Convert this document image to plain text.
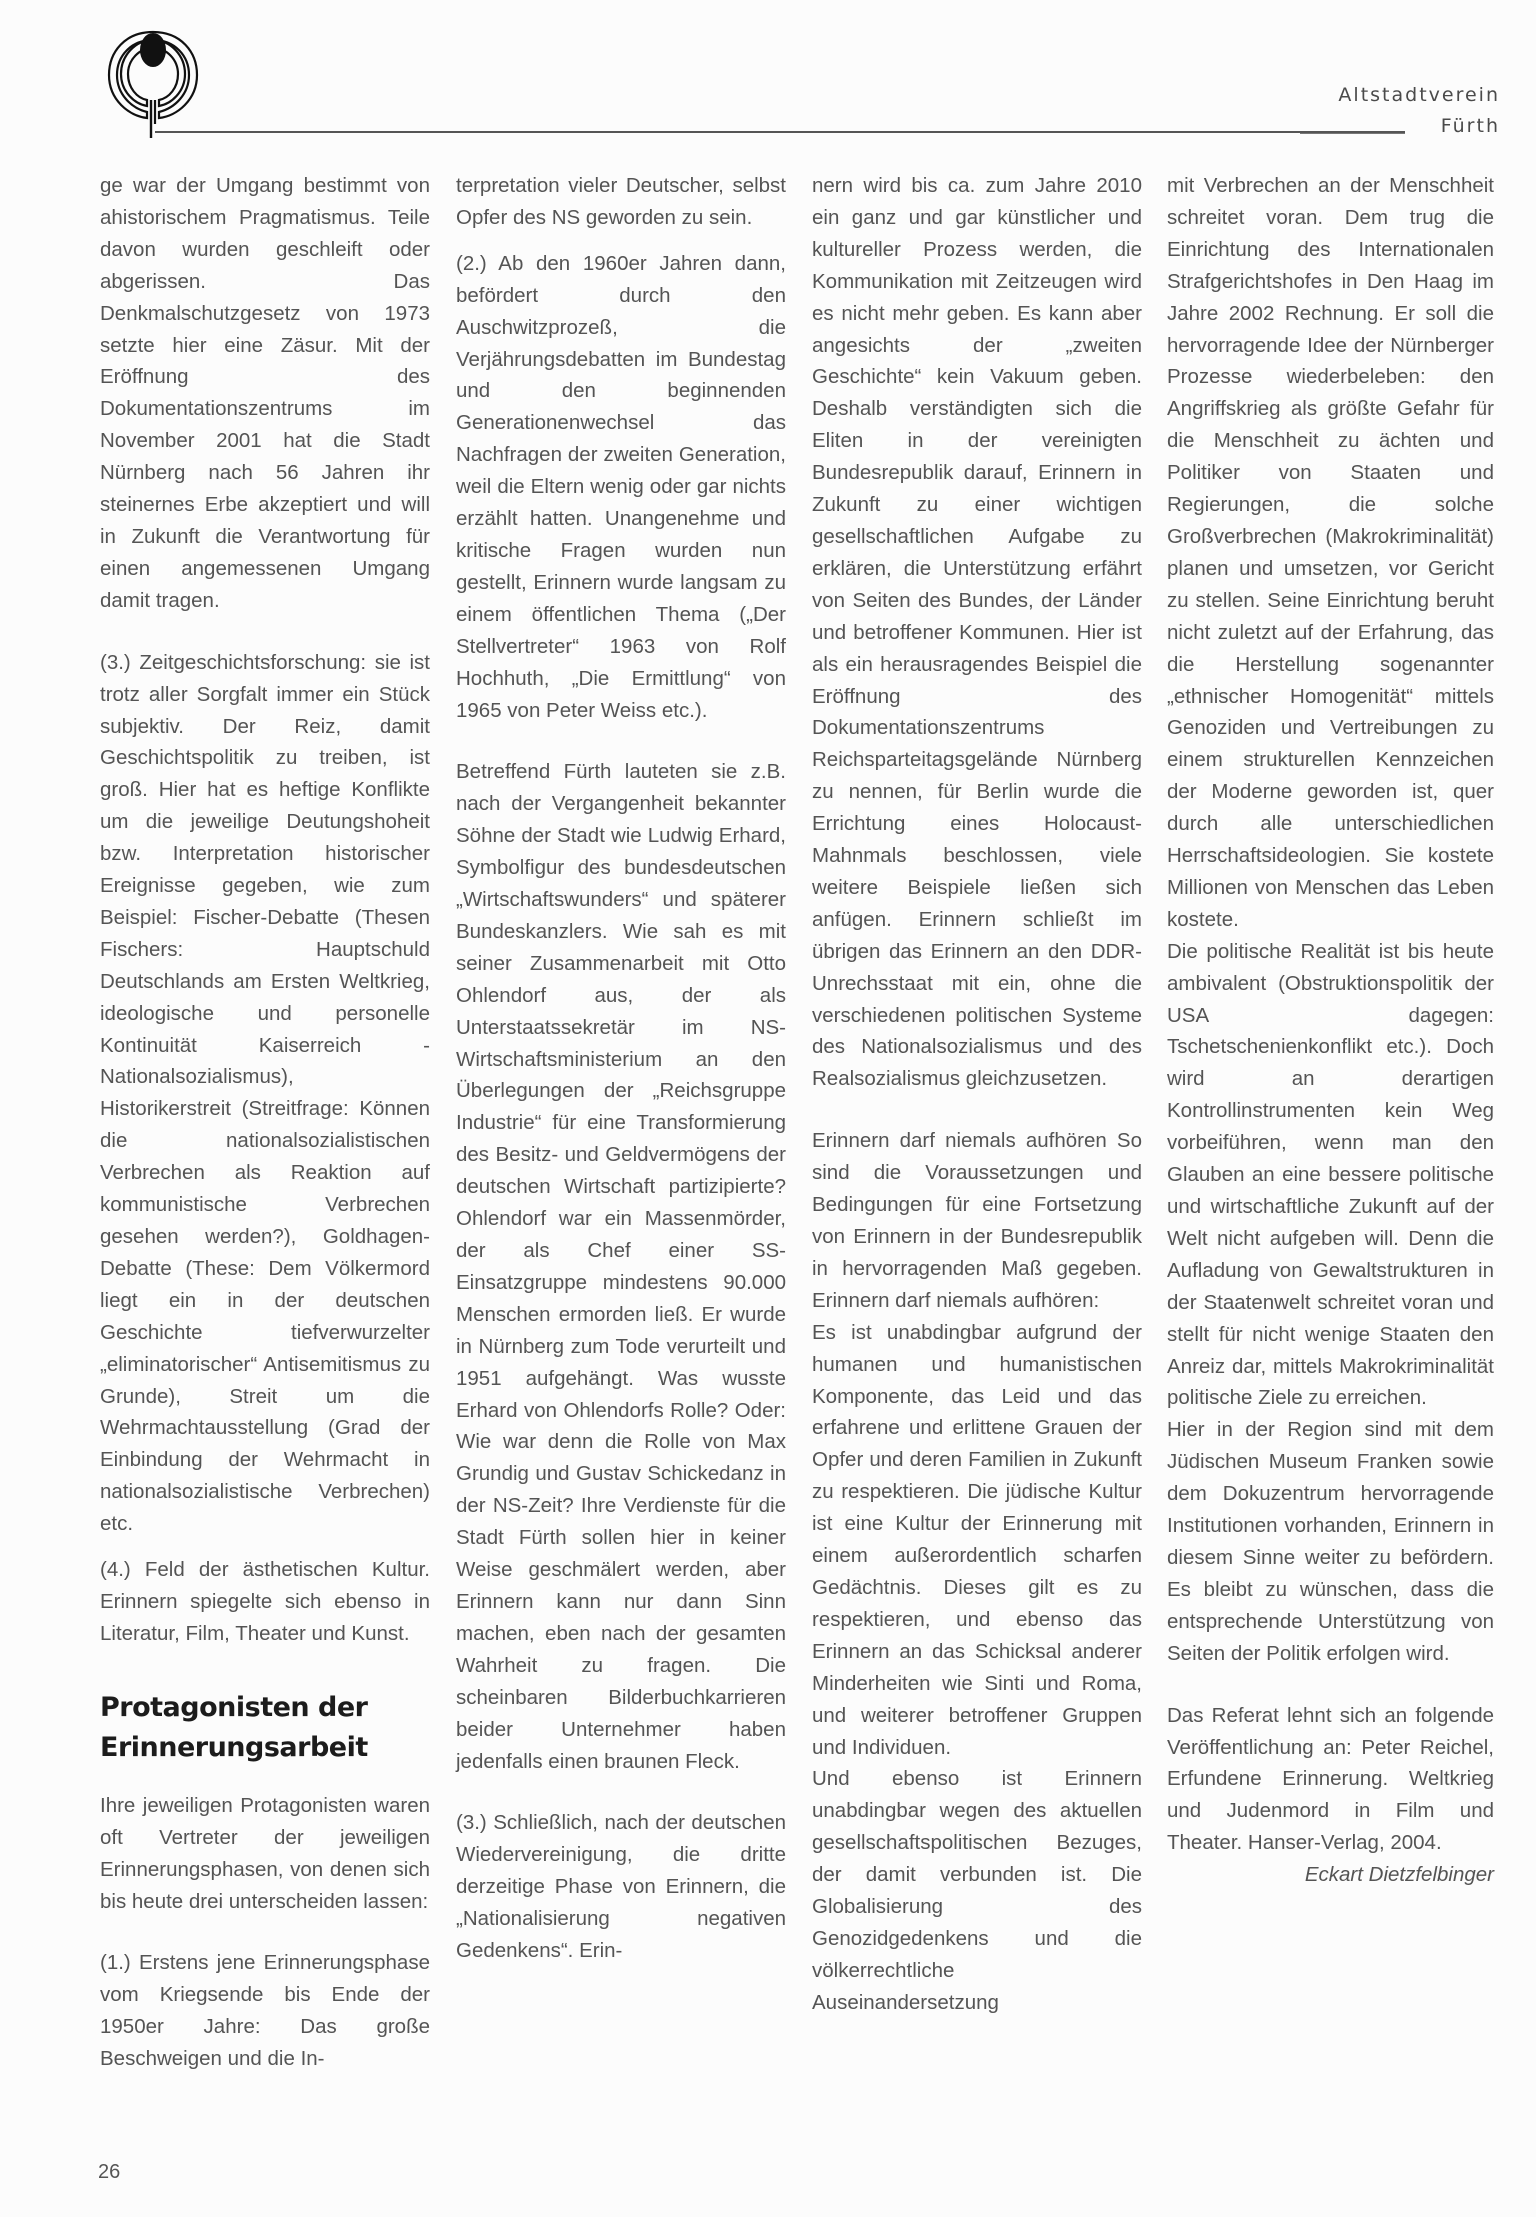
Altstadtverein
Fürth

ge war der Umgang bestimmt von ahistorischem Pragmatismus. Teile davon wurden geschleift oder abgerissen. Das Denkmalschutzgesetz von 1973 setzte hier eine Zäsur. Mit der Eröffnung des Dokumentationszentrums im November 2001 hat die Stadt Nürnberg nach 56 Jahren ihr steinernes Erbe akzeptiert und will in Zukunft die Verantwortung für einen angemessenen Umgang damit tragen.

(3.) Zeitgeschichtsforschung: sie ist trotz aller Sorgfalt immer ein Stück subjektiv. Der Reiz, damit Geschichtspolitik zu treiben, ist groß. Hier hat es heftige Konflikte um die jeweilige Deutungshoheit bzw. Interpretation historischer Ereignisse gegeben, wie zum Beispiel: Fischer-Debatte (Thesen Fischers: Hauptschuld Deutschlands am Ersten Weltkrieg, ideologische und personelle Kontinuität Kaiserreich - Nationalsozialismus), Historikerstreit (Streitfrage: Können die nationalsozialistischen Verbrechen als Reaktion auf kommunistische Verbrechen gesehen werden?), Goldhagen-Debatte (These: Dem Völkermord liegt ein in der deutschen Geschichte tiefverwurzelter „eliminatorischer“ Antisemitismus zu Grunde), Streit um die Wehrmachtausstellung (Grad der Einbindung der Wehrmacht in nationalsozialistische Verbrechen) etc.

(4.) Feld der ästhetischen Kultur. Erinnern spiegelte sich ebenso in Literatur, Film, Theater und Kunst.

Protagonisten der Erinnerungsarbeit

Ihre jeweiligen Protagonisten waren oft Vertreter der jeweiligen Erinnerungsphasen, von denen sich bis heute drei unterscheiden lassen:

(1.) Erstens jene Erinnerungsphase vom Kriegsende bis Ende der 1950er Jahre: Das große Beschweigen und die In-

terpretation vieler Deutscher, selbst Opfer des NS geworden zu sein.

(2.) Ab den 1960er Jahren dann, befördert durch den Auschwitzprozeß, die Verjährungsdebatten im Bundestag und den beginnenden Generationenwechsel das Nachfragen der zweiten Generation, weil die Eltern wenig oder gar nichts erzählt hatten. Unangenehme und kritische Fragen wurden nun gestellt, Erinnern wurde langsam zu einem öffentlichen Thema („Der Stellvertreter“ 1963 von Rolf Hochhuth, „Die Ermittlung“ von 1965 von Peter Weiss etc.).

Betreffend Fürth lauteten sie z.B. nach der Vergangenheit bekannter Söhne der Stadt wie Ludwig Erhard, Symbolfigur des bundesdeutschen „Wirtschaftswunders“ und späterer Bundeskanzlers. Wie sah es mit seiner Zusammenarbeit mit Otto Ohlendorf aus, der als Unterstaatssekretär im NS-Wirtschaftsministerium an den Überlegungen der „Reichsgruppe Industrie“ für eine Transformierung des Besitz- und Geldvermögens der deutschen Wirtschaft partizipierte? Ohlendorf war ein Massenmörder, der als Chef einer SS-Einsatzgruppe mindestens 90.000 Menschen ermorden ließ. Er wurde in Nürnberg zum Tode verurteilt und 1951 aufgehängt. Was wusste Erhard von Ohlendorfs Rolle? Oder: Wie war denn die Rolle von Max Grundig und Gustav Schickedanz in der NS-Zeit? Ihre Verdienste für die Stadt Fürth sollen hier in keiner Weise geschmälert werden, aber Erinnern kann nur dann Sinn machen, eben nach der gesamten Wahrheit zu fragen. Die scheinbaren Bilderbuchkarrieren beider Unternehmer haben jedenfalls einen braunen Fleck.

(3.) Schließlich, nach der deutschen Wiedervereinigung, die dritte derzeitige Phase von Erinnern, die „Nationalisierung negativen Gedenkens“. Erin-

nern wird bis ca. zum Jahre 2010 ein ganz und gar künstlicher und kultureller Prozess werden, die Kommunikation mit Zeitzeugen wird es nicht mehr geben. Es kann aber angesichts der „zweiten Geschichte“ kein Vakuum geben. Deshalb verständigten sich die Eliten in der vereinigten Bundesrepublik darauf, Erinnern in Zukunft zu einer wichtigen gesellschaftlichen Aufgabe zu erklären, die Unterstützung erfährt von Seiten des Bundes, der Länder und betroffener Kommunen. Hier ist als ein herausragendes Beispiel die Eröffnung des Dokumentationszentrums Reichsparteitagsgelände Nürnberg zu nennen, für Berlin wurde die Errichtung eines Holocaust-Mahnmals beschlossen, viele weitere Beispiele ließen sich anfügen. Erinnern schließt im übrigen das Erinnern an den DDR-Unrechsstaat mit ein, ohne die verschiedenen politischen Systeme des Nationalsozialismus und des Realsozialismus gleichzusetzen.

Erinnern darf niemals aufhören So sind die Voraussetzungen und Bedingungen für eine Fortsetzung von Erinnern in der Bundesrepublik in hervorragenden Maß gegeben. Erinnern darf niemals aufhören:

Es ist unabdingbar aufgrund der humanen und humanistischen Komponente, das Leid und das erfahrene und erlittene Grauen der Opfer und deren Familien in Zukunft zu respektieren. Die jüdische Kultur ist eine Kultur der Erinnerung mit einem außerordentlich scharfen Gedächtnis. Dieses gilt es zu respektieren, und ebenso das Erinnern an das Schicksal anderer Minderheiten wie Sinti und Roma, und weiterer betroffener Gruppen und Individuen.

Und ebenso ist Erinnern unabdingbar wegen des aktuellen gesellschaftspolitischen Bezuges, der damit verbunden ist. Die Globalisierung des Genozidgedenkens und die völkerrechtliche Auseinandersetzung

mit Verbrechen an der Menschheit schreitet voran. Dem trug die Einrichtung des Internationalen Strafgerichtshofes in Den Haag im Jahre 2002 Rechnung. Er soll die hervorragende Idee der Nürnberger Prozesse wiederbeleben: den Angriffskrieg als größte Gefahr für die Menschheit zu ächten und Politiker von Staaten und Regierungen, die solche Großverbrechen (Makrokriminalität) planen und umsetzen, vor Gericht zu stellen. Seine Einrichtung beruht nicht zuletzt auf der Erfahrung, das die Herstellung sogenannter „ethnischer Homogenität“ mittels Genoziden und Vertreibungen zu einem strukturellen Kennzeichen der Moderne geworden ist, quer durch alle unterschiedlichen Herrschaftsideologien. Sie kostete Millionen von Menschen das Leben kostete.

Die politische Realität ist bis heute ambivalent (Obstruktionspolitik der USA dagegen: Tschetschenienkonflikt etc.). Doch wird an derartigen Kontrollinstrumenten kein Weg vorbeiführen, wenn man den Glauben an eine bessere politische und wirtschaftliche Zukunft auf der Welt nicht aufgeben will. Denn die Aufladung von Gewaltstrukturen in der Staatenwelt schreitet voran und stellt für nicht wenige Staaten den Anreiz dar, mittels Makrokriminalität politische Ziele zu erreichen.

Hier in der Region sind mit dem Jüdischen Museum Franken sowie dem Dokuzentrum hervorragende Institutionen vorhanden, Erinnern in diesem Sinne weiter zu befördern. Es bleibt zu wünschen, dass die entsprechende Unterstützung von Seiten der Politik erfolgen wird.

Das Referat lehnt sich an folgende Veröffentlichung an: Peter Reichel, Erfundene Erinnerung. Weltkrieg und Judenmord in Film und Theater. Hanser-Verlag, 2004.

Eckart Dietzfelbinger

26
